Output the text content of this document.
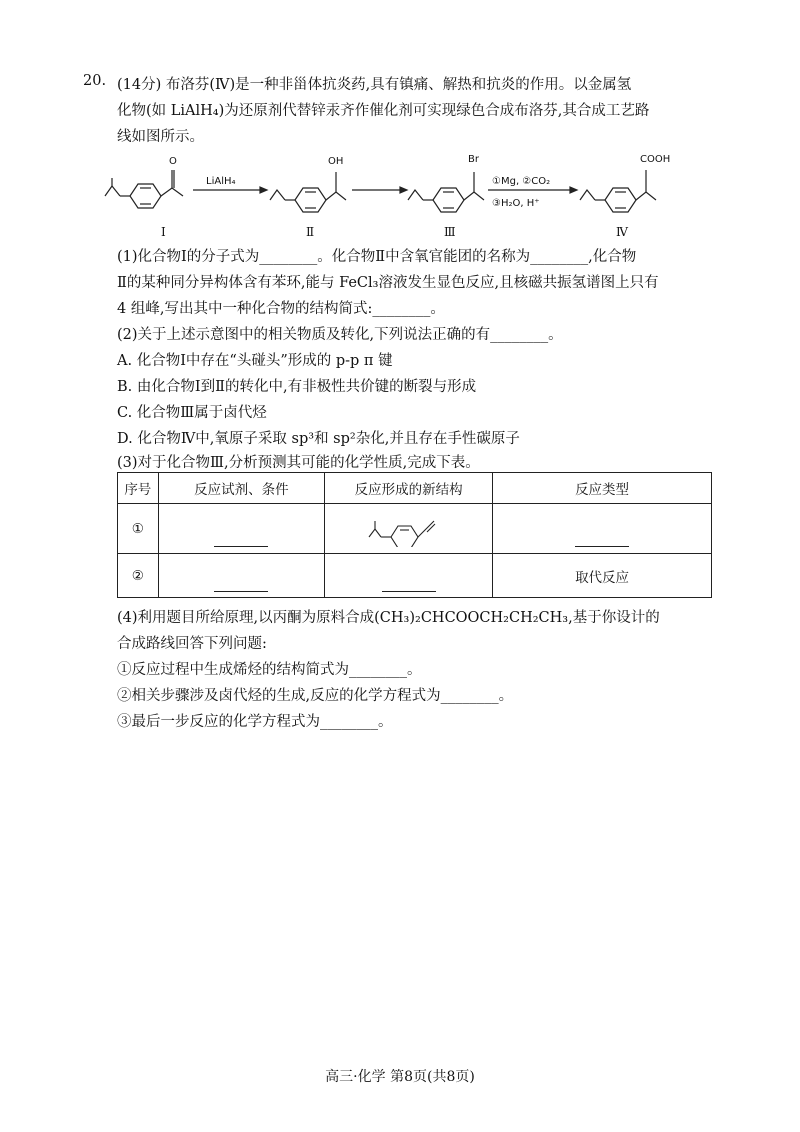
20. (14分) 布洛芬(Ⅳ)是一种非甾体抗炎药,具有镇痛、解热和抗炎的作用。以金属氢
化物(如 LiAlH₄)为还原剂代替锌汞齐作催化剂可实现绿色合成布洛芬,其合成工艺路
线如图所示。
O	OH	Br	COOH
LiAlH₄	①Mg, ②CO₂
③H₂O, H⁺
Ⅰ	Ⅱ	Ⅲ	Ⅳ
(1)化合物Ⅰ的分子式为________。化合物Ⅱ中含氧官能团的名称为________,化合物
Ⅱ的某种同分异构体含有苯环,能与 FeCl₃溶液发生显色反应,且核磁共振氢谱图上只有
4 组峰,写出其中一种化合物的结构简式:________。
(2)关于上述示意图中的相关物质及转化,下列说法正确的有________。
A. 化合物Ⅰ中存在“头碰头”形成的 p-p π 键
B. 由化合物Ⅰ到Ⅱ的转化中,有非极性共价键的断裂与形成
C. 化合物Ⅲ属于卤代烃
D. 化合物Ⅳ中,氧原子采取 sp³和 sp²杂化,并且存在手性碳原子
(3)对于化合物Ⅲ,分析预测其可能的化学性质,完成下表。
序号	反应试剂、条件	反应形成的新结构	反应类型
①			
②			取代反应
(4)利用题目所给原理,以丙酮为原料合成(CH₃)₂CHCOOCH₂CH₂CH₃,基于你设计的
合成路线回答下列问题:
①反应过程中生成烯烃的结构简式为________。
②相关步骤涉及卤代烃的生成,反应的化学方程式为________。
③最后一步反应的化学方程式为________。
高三·化学 第8页(共8页)
